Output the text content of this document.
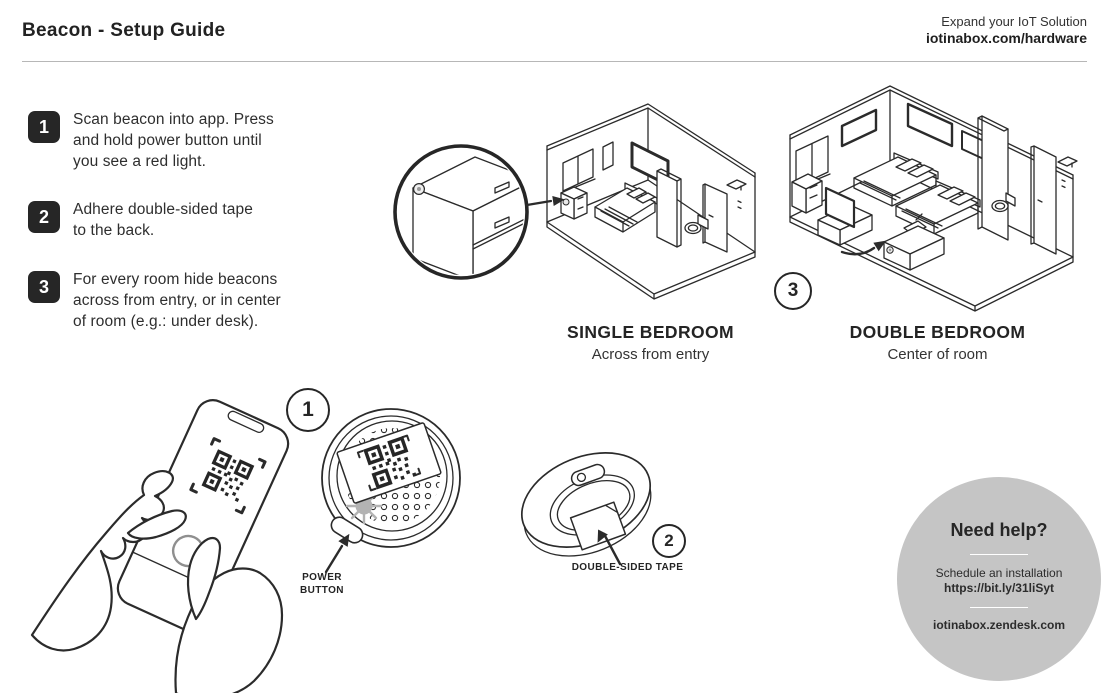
Beacon - Setup Guide	Expand your IoT Solution
iotinabox.com/hardware
1	Scan beacon into app. Press
and hold power button until
you see a red light.
2	Adhere double-sided tape
to the back.
3	For every room hide beacons
across from entry, or in center
of room (e.g.: under desk).
SINGLE BEDROOM
Across from entry
3
DOUBLE BEDROOM
Center of room
1
POWER BUTTON
2
DOUBLE-SIDED TAPE
Need help?
Schedule an installation
https://bit.ly/31liSyt
iotinabox.zendesk.com
